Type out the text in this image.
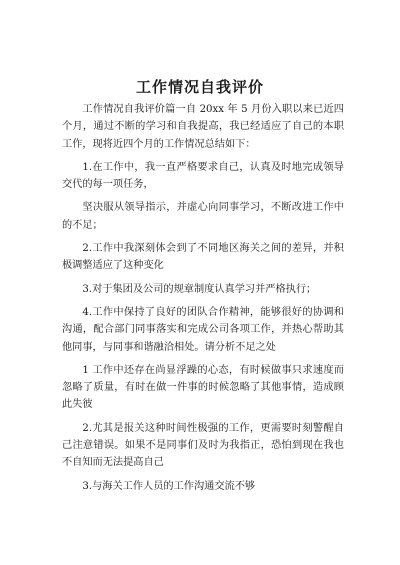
工作情况自我评价

工作情况自我评价篇一自 20xx 年 5 月份入职以来已近四个月，通过不断的学习和自我提高，我已经适应了自己的本职工作，现将近四个月的工作情况总结如下：

1.在工作中，我一直严格要求自己，认真及时地完成领导交代的每一项任务，

坚决服从领导指示，并虚心向同事学习，不断改进工作中的不足；

2.工作中我深刻体会到了不同地区海关之间的差异，并积极调整适应了这种变化

3.对于集团及公司的规章制度认真学习并严格执行；

4.工作中保持了良好的团队合作精神，能够很好的协调和沟通，配合部门同事落实和完成公司各项工作，并热心帮助其他同事，与同事和谐融洽相处。请分析不足之处

1 工作中还存在尚显浮躁的心态，有时候做事只求速度而忽略了质量，有时在做一件事的时候忽略了其他事情，造成顾此失彼

2.尤其是报关这种时间性极强的工作，更需要时刻警醒自己注意错误。如果不是同事们及时为我指正，恐怕到现在我也不自知而无法提高自己

3.与海关工作人员的工作沟通交流不够
